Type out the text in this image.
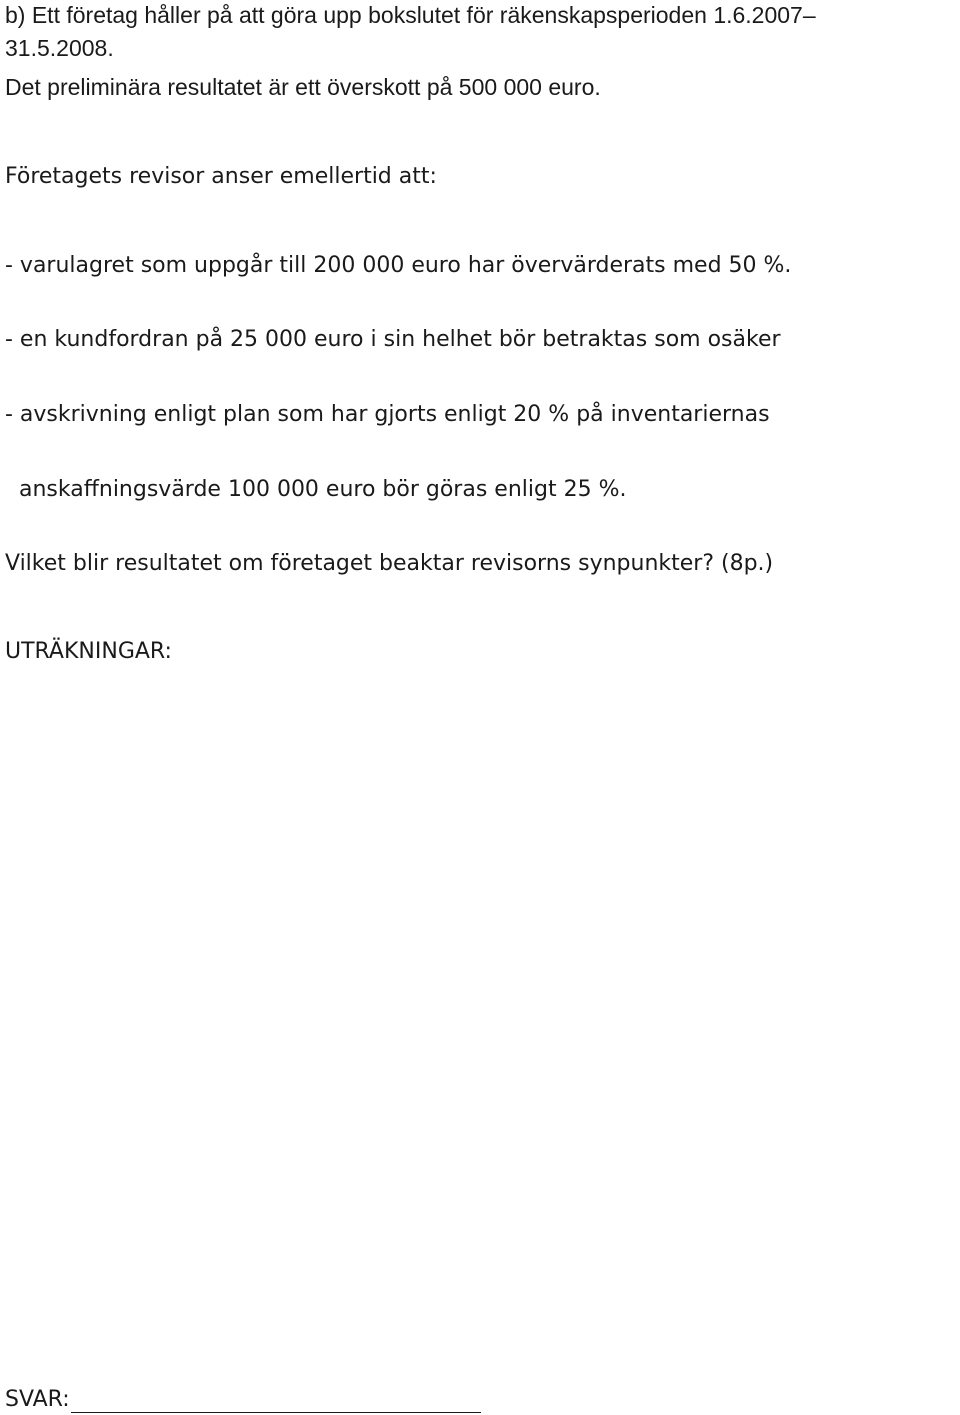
b) Ett företag håller på att göra upp bokslutet för räkenskapsperioden 1.6.2007–
31.5.2008.
Det preliminära resultatet är ett överskott på 500 000 euro.
Företagets revisor anser emellertid att:
- varulagret som uppgår till 200 000 euro har övervärderats med 50 %.
- en kundfordran på 25 000 euro i sin helhet bör betraktas som osäker
- avskrivning enligt plan som har gjorts enligt 20 % på inventariernas
anskaffningsvärde 100 000 euro bör göras enligt 25 %.
Vilket blir resultatet om företaget beaktar revisorns synpunkter? (8p.)
UTRÄKNINGAR:
SVAR:
